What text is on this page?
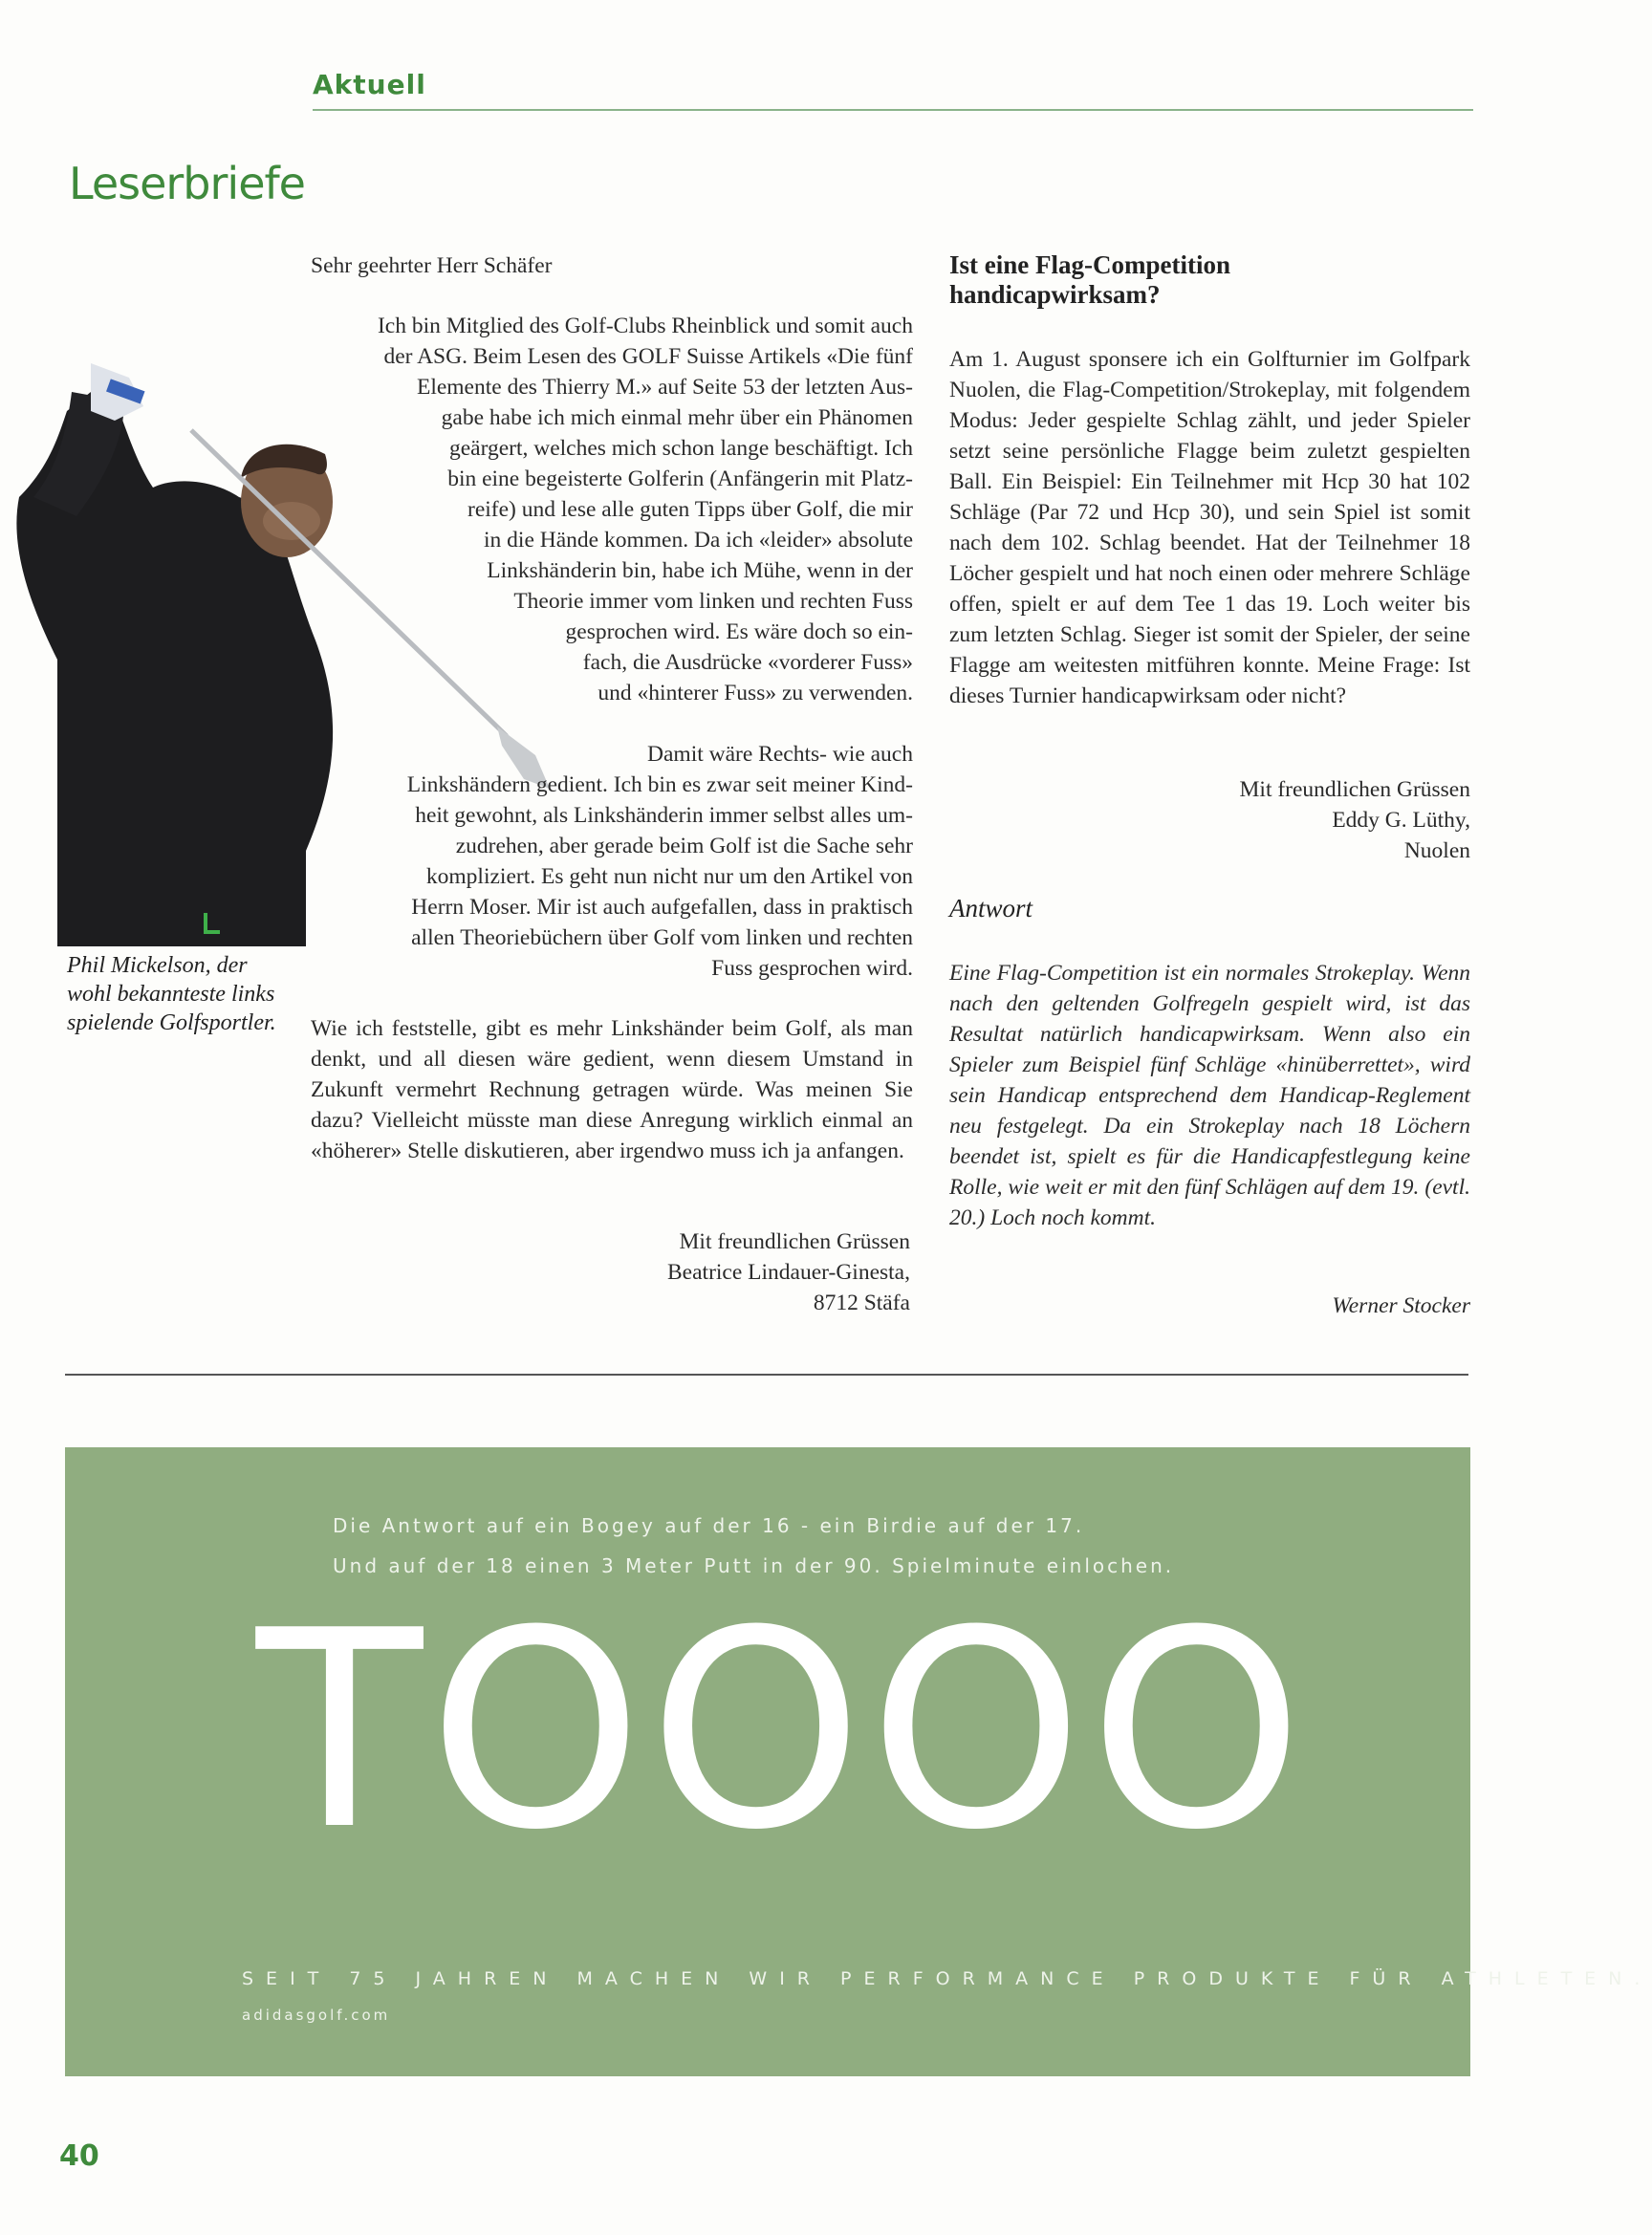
Aktuell
Leserbriefe
Phil Mickelson, der wohl bekannteste links spielende Golfsportler.
Sehr geehrter Herr Schäfer
Ich bin Mitglied des Golf-Clubs Rheinblick und somit auch
der ASG. Beim Lesen des GOLF Suisse Artikels «Die fünf
Elemente des Thierry M.» auf Seite 53 der letzten Aus-
gabe habe ich mich einmal mehr über ein Phänomen
geärgert, welches mich schon lange beschäftigt. Ich
bin eine begeisterte Golferin (Anfängerin mit Platz-
reife) und lese alle guten Tipps über Golf, die mir
in die Hände kommen. Da ich «leider» absolute
Linkshänderin bin, habe ich Mühe, wenn in der
Theorie immer vom linken und rechten Fuss
gesprochen wird. Es wäre doch so ein-
fach, die Ausdrücke «vorderer Fuss»
und «hinterer Fuss» zu verwenden.
Damit wäre Rechts- wie auch
Linkshändern gedient. Ich bin es zwar seit meiner Kind-
heit gewohnt, als Linkshänderin immer selbst alles um-
zudrehen, aber gerade beim Golf ist die Sache sehr
kompliziert. Es geht nun nicht nur um den Artikel von
Herrn Moser. Mir ist auch aufgefallen, dass in praktisch
allen Theoriebüchern über Golf vom linken und rechten
Fuss gesprochen wird.
Wie ich feststelle, gibt es mehr Linkshänder beim Golf, als man denkt, und all diesen wäre gedient, wenn diesem Umstand in Zukunft vermehrt Rechnung getragen würde. Was meinen Sie dazu? Vielleicht müsste man diese Anregung wirklich einmal an «höherer» Stelle diskutieren, aber irgendwo muss ich ja anfangen.
Mit freundlichen Grüssen
Beatrice Lindauer-Ginesta,
8712 Stäfa
Ist eine Flag-Competition
handicapwirksam?
Am 1. August sponsere ich ein Golfturnier im Golfpark Nuolen, die Flag-Competition/Strokeplay, mit folgendem Modus: Jeder gespielte Schlag zählt, und jeder Spieler setzt seine persönliche Flagge beim zuletzt gespielten Ball. Ein Beispiel: Ein Teilnehmer mit Hcp 30 hat 102 Schläge (Par 72 und Hcp 30), und sein Spiel ist somit nach dem 102. Schlag beendet. Hat der Teilnehmer 18 Löcher gespielt und hat noch einen oder mehrere Schläge offen, spielt er auf dem Tee 1 das 19. Loch weiter bis zum letzten Schlag. Sieger ist somit der Spieler, der seine Flagge am weitesten mitführen konnte. Meine Frage: Ist dieses Turnier handicapwirksam oder nicht?
Mit freundlichen Grüssen
Eddy G. Lüthy,
Nuolen
Antwort
Eine Flag-Competition ist ein normales Strokeplay. Wenn nach den geltenden Golfregeln gespielt wird, ist das Resultat natürlich handicapwirksam. Wenn also ein Spieler zum Beispiel fünf Schläge «hinüberrettet», wird sein Handicap entsprechend dem Handicap-Reglement neu festgelegt. Da ein Strokeplay nach 18 Löchern beendet ist, spielt es für die Handicapfestlegung keine Rolle, wie weit er mit den fünf Schlägen auf dem 19. (evtl. 20.) Loch noch kommt.
Werner Stocker
Die Antwort auf ein Bogey auf der 16 - ein Birdie auf der 17.
Und auf der 18 einen 3 Meter Putt in der 90. Spielminute einlochen.
TOOOO
SEIT 75 JAHREN MACHEN WIR PERFORMANCE PRODUKTE FÜR ATHLETEN.
adidasgolf.com
40
